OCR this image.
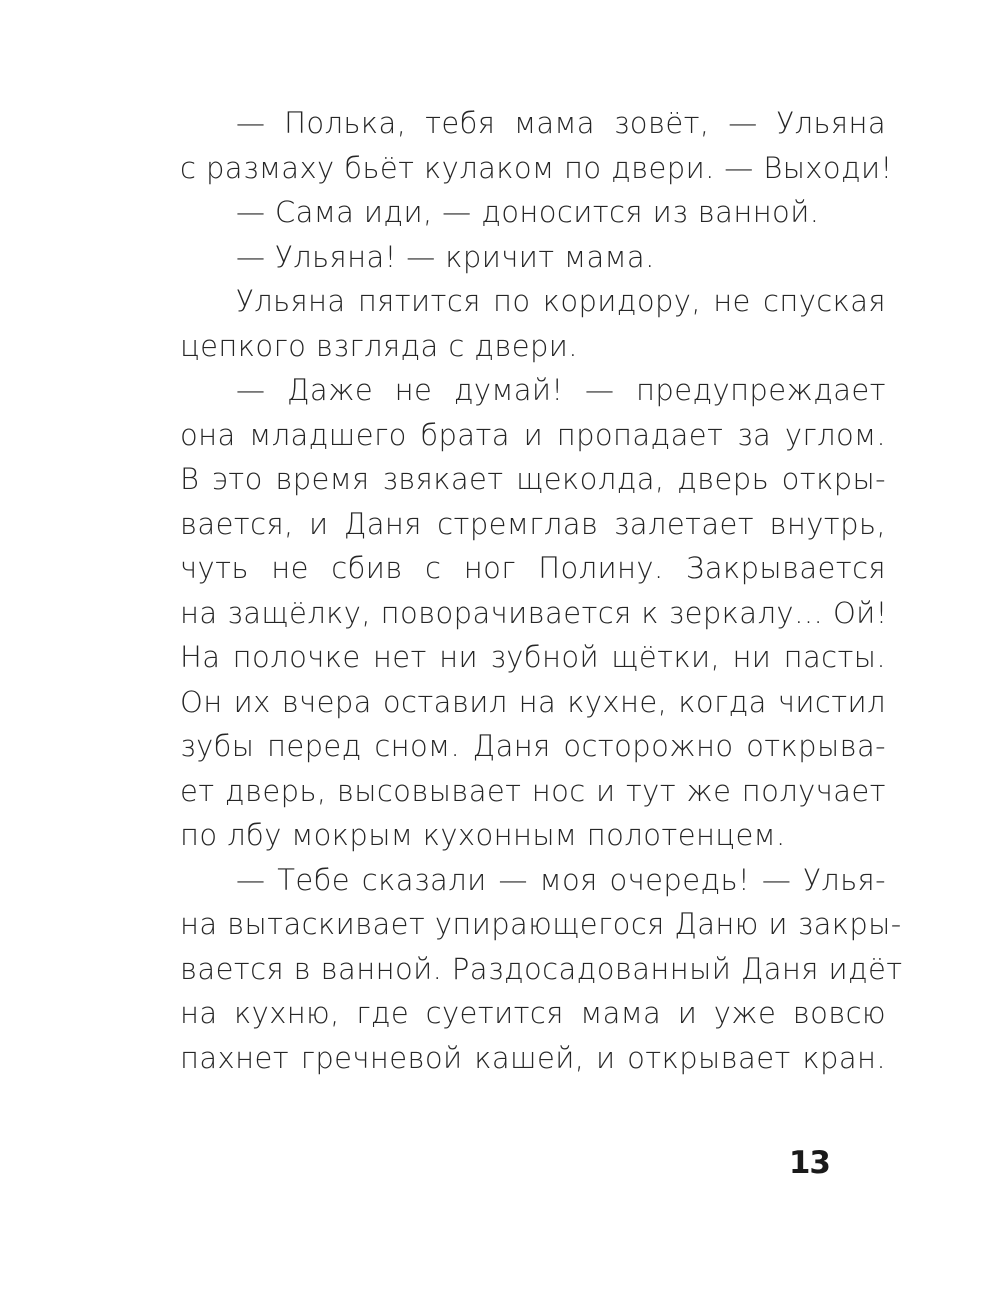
— Полька, тебя мама зовёт, — Ульяна
с размаху бьёт кулаком по двери. — Выходи!
— Сама иди, — доносится из ванной.
— Ульяна! — кричит мама.
Ульяна пятится по коридору, не спуская
цепкого взгляда с двери.
— Даже не думай! — предупреждает
она младшего брата и пропадает за углом.
В это время звякает щеколда, дверь откры-
вается, и Даня стремглав залетает внутрь,
чуть не сбив с ног Полину. Закрывается
на защёлку, поворачивается к зеркалу… Ой!
На полочке нет ни зубной щётки, ни пасты.
Он их вчера оставил на кухне, когда чистил
зубы перед сном. Даня осторожно открыва-
ет дверь, высовывает нос и тут же получает
по лбу мокрым кухонным полотенцем.
— Тебе сказали — моя очередь! — Улья-
на вытаскивает упирающегося Даню и закры-
вается в ванной. Раздосадованный Даня идёт
на кухню, где суетится мама и уже вовсю
пахнет гречневой кашей, и открывает кран.
13
